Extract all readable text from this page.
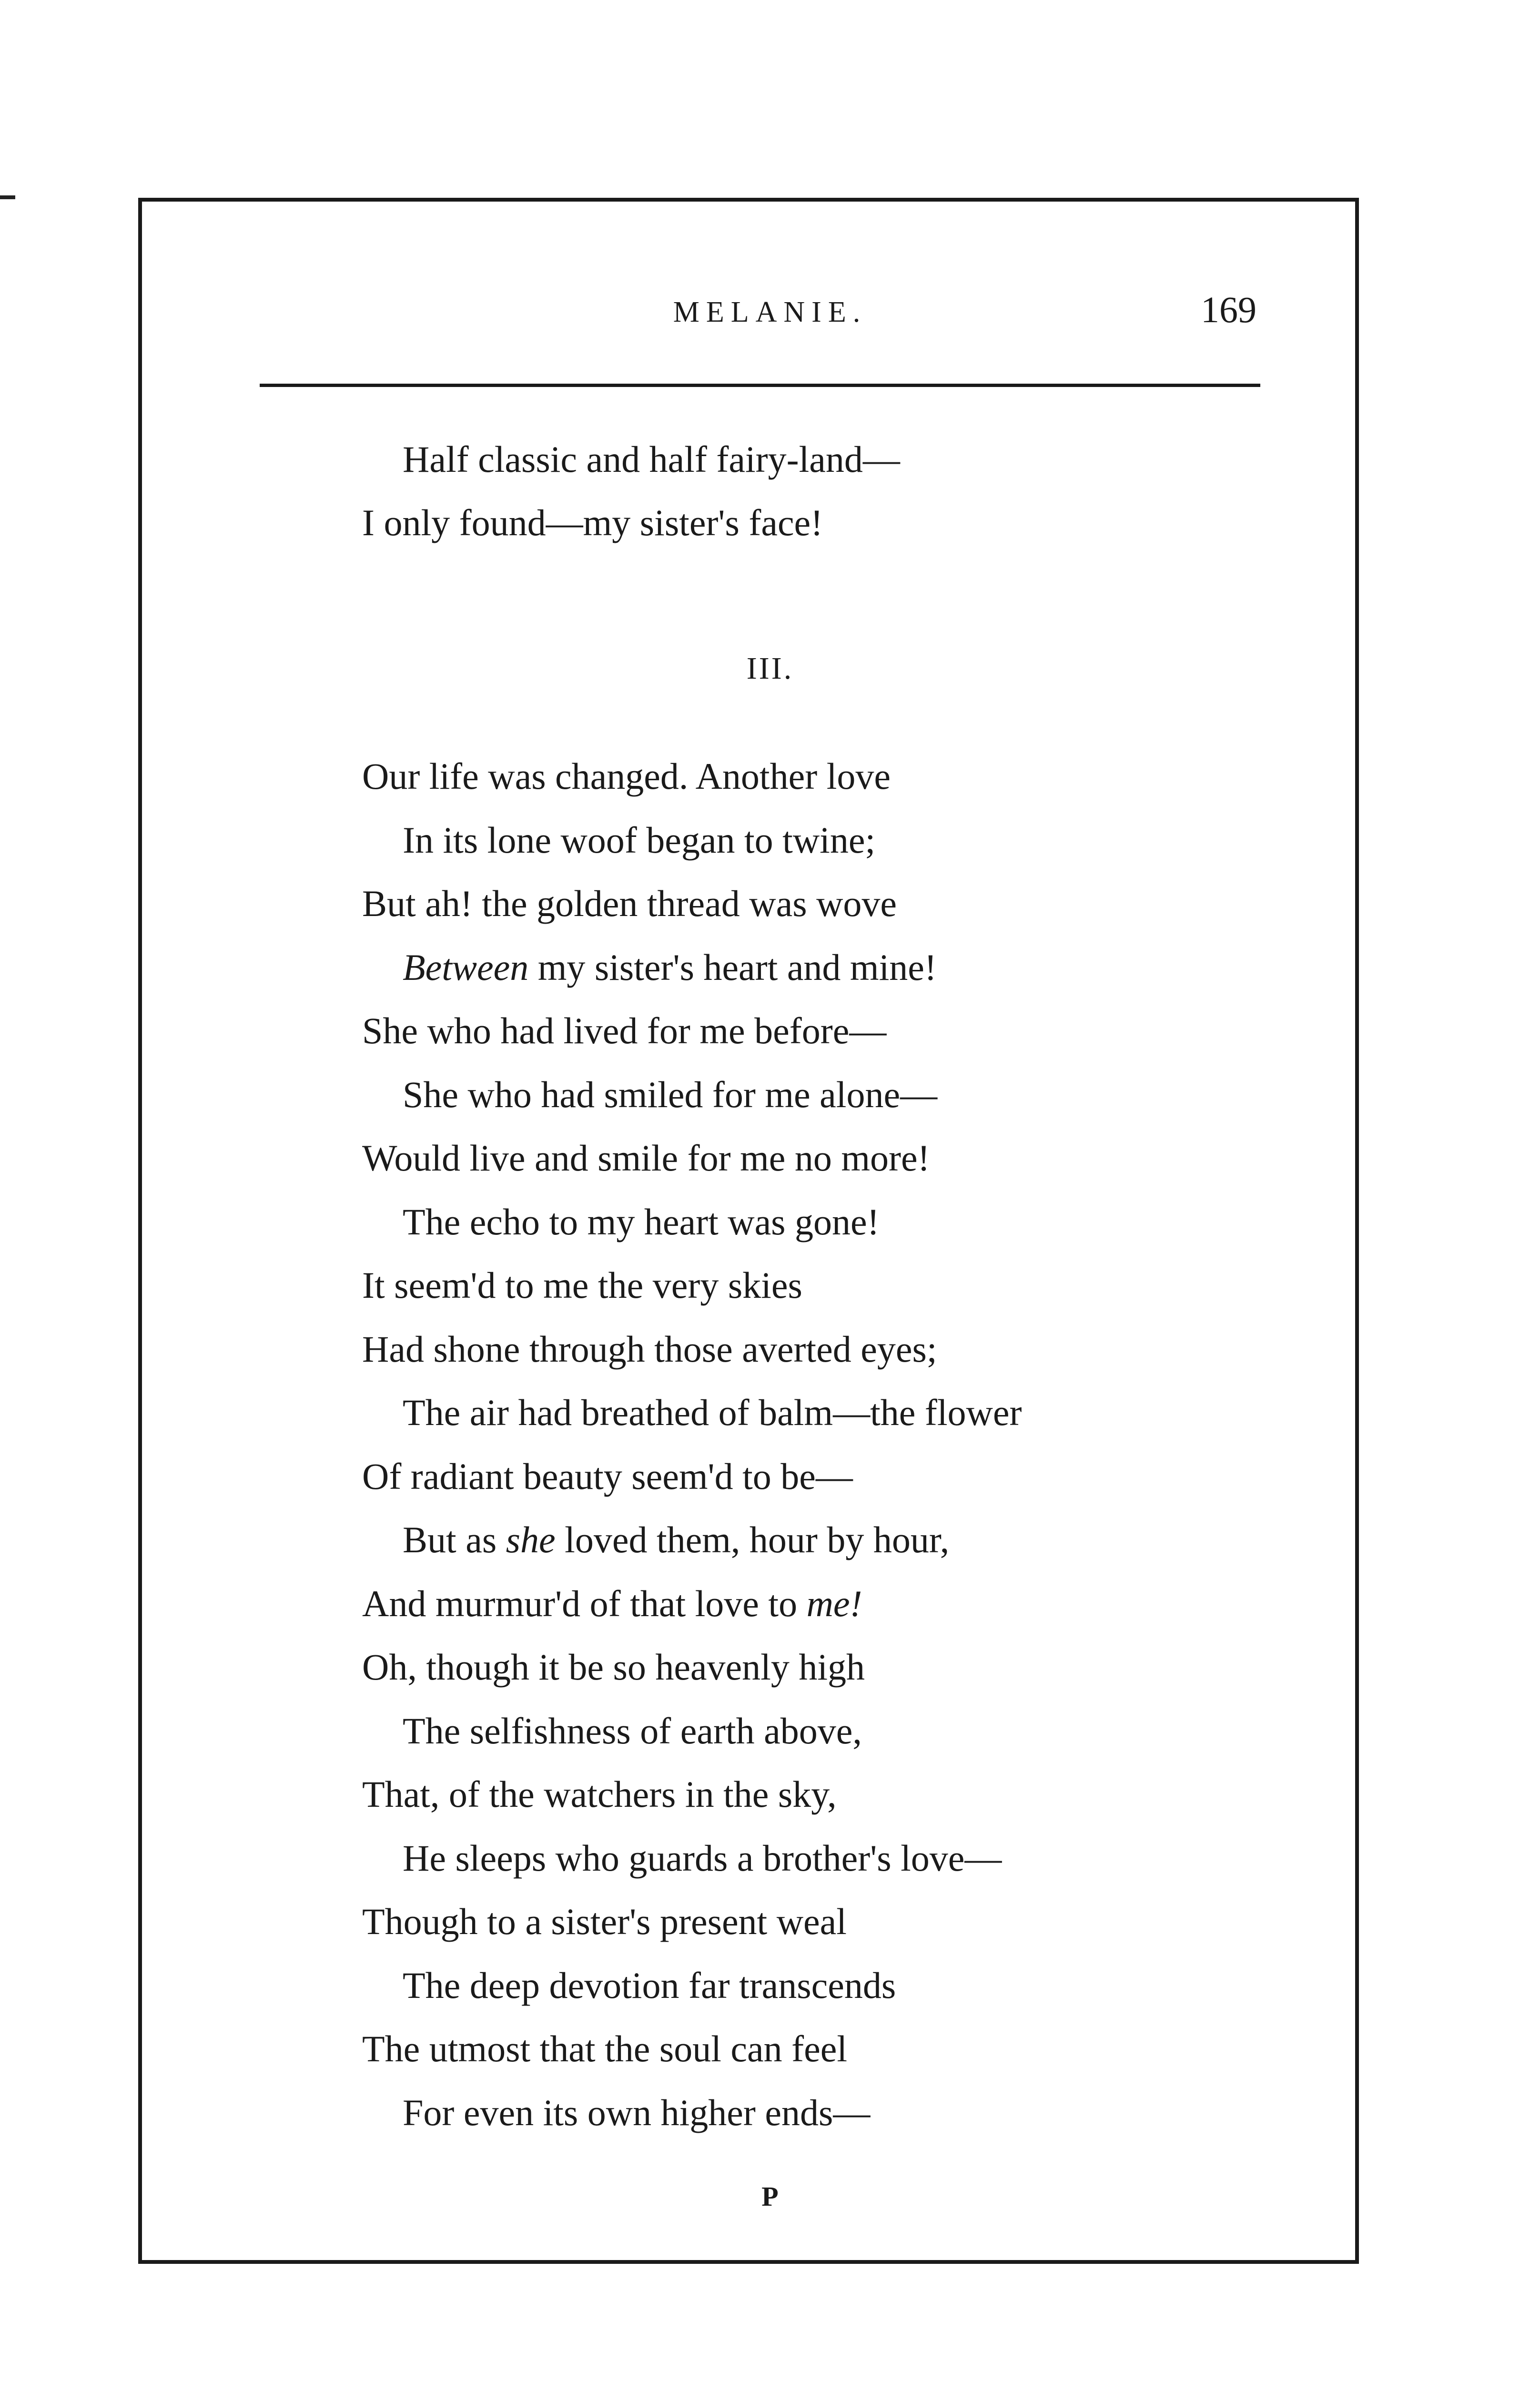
MELANIE.	169
Half classic and half fairy-land—
I only found—my sister's face!
Our life was changed. Another love
In its lone woof began to twine;
But ah! the golden thread was wove
Between my sister's heart and mine!
She who had lived for me before—
She who had smiled for me alone—
Would live and smile for me no more!
The echo to my heart was gone!
It seem'd to me the very skies
Had shone through those averted eyes;
The air had breathed of balm—the flower
Of radiant beauty seem'd to be—
But as she loved them, hour by hour,
And murmur'd of that love to me!
Oh, though it be so heavenly high
The selfishness of earth above,
That, of the watchers in the sky,
He sleeps who guards a brother's love—
Though to a sister's present weal
The deep devotion far transcends
The utmost that the soul can feel
For even its own higher ends—
III.
P
